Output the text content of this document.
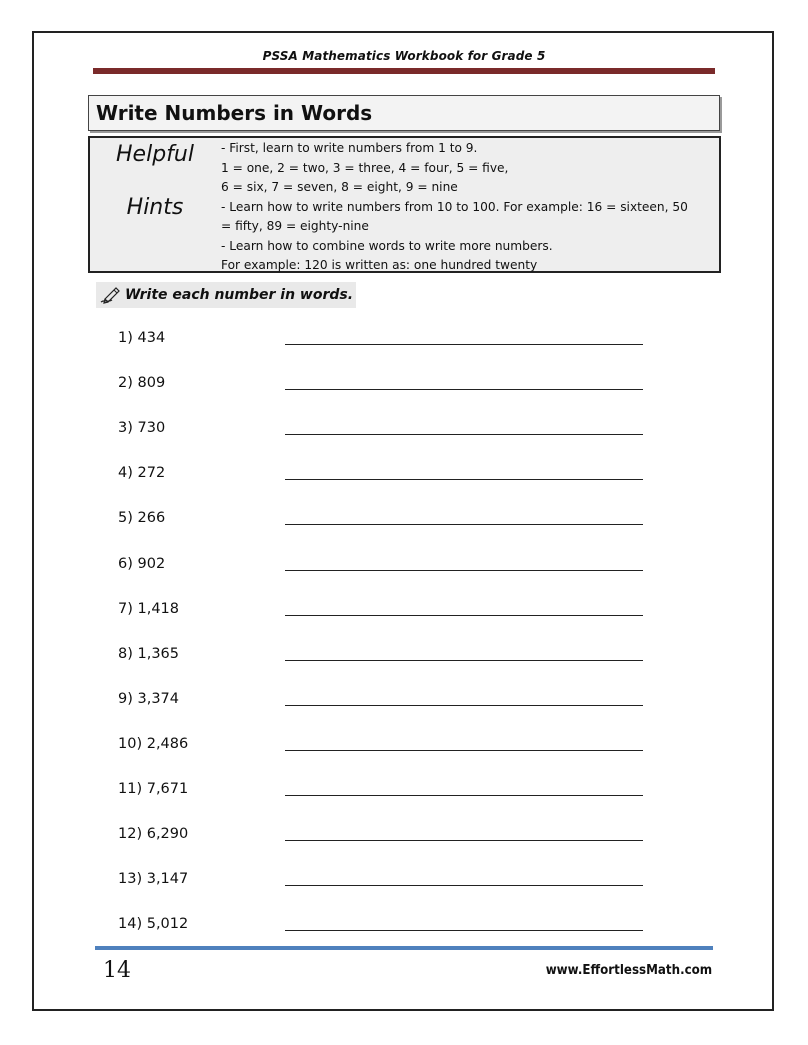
PSSA Mathematics Workbook for Grade 5
Write Numbers in Words
Helpful
Hints
- First, learn to write numbers from 1 to 9.
1 = one, 2 = two, 3 = three, 4 = four, 5 = five,
6 = six, 7 = seven, 8 = eight, 9 = nine
- Learn how to write numbers from 10 to 100. For example: 16 = sixteen, 50
= fifty, 89 = eighty-nine
- Learn how to combine words to write more numbers.
For example: 120 is written as: one hundred twenty
Write each number in words.
1) 434
2) 809
3) 730
4) 272
5) 266
6) 902
7) 1,418
8) 1,365
9) 3,374
10) 2,486
11) 7,671
12) 6,290
13) 3,147
14) 5,012
14	www.EffortlessMath.com
